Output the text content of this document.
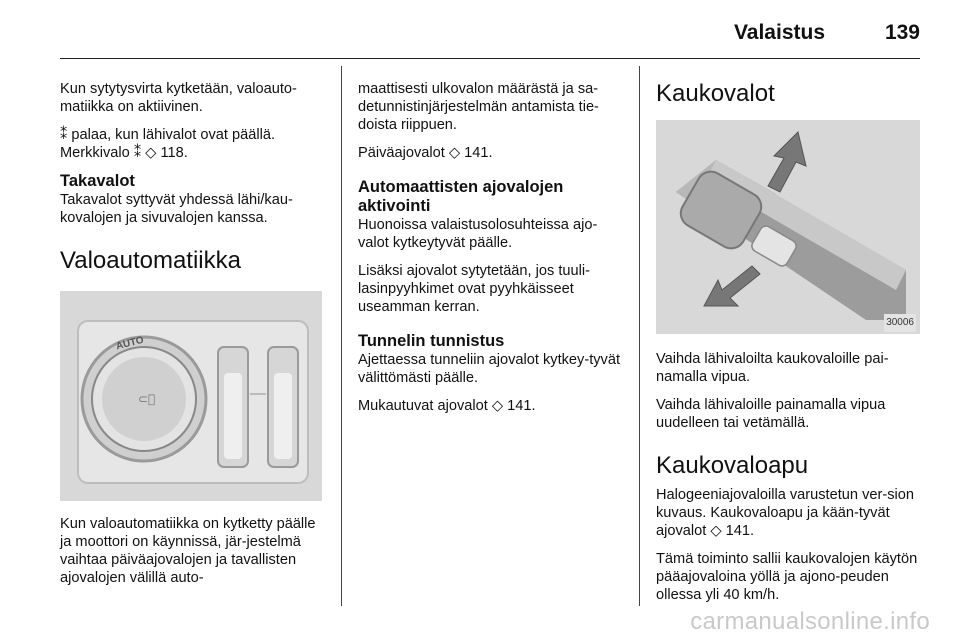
Valaistus	139

Kun sytytysvirta kytketään, valoauto-matiikka on aktiivinen.

⁑ palaa, kun lähivalot ovat päällä. Merkkivalo ⁑ ◇ 118.

Takavalot

Takavalot syttyvät yhdessä lähi/kau-kovalojen ja sivuvalojen kanssa.

Valoautomatiikka
⊂⃥
AUTO

Kun valoautomatiikka on kytketty päälle ja moottori on käynnissä, jär-jestelmä vaihtaa päiväajovalojen ja tavallisten ajovalojen välillä auto-

maattisesti ulkovalon määrästä ja sa-detunnistinjärjestelmän antamista tie-doista riippuen.

Päiväajovalot ◇ 141.

Automaattisten ajovalojen aktivointi

Huonoissa valaistusolosuhteissa ajo-valot kytkeytyvät päälle.

Lisäksi ajovalot sytytetään, jos tuuli-lasinpyyhkimet ovat pyyhkäisseet useamman kerran.

Tunnelin tunnistus

Ajettaessa tunneliin ajovalot kytkey-tyvät välittömästi päälle.

Mukautuvat ajovalot ◇ 141.

Kaukovalot
30006

Vaihda lähivaloilta kaukovaloille pai-namalla vipua.

Vaihda lähivaloille painamalla vipua uudelleen tai vetämällä.

Kaukovaloapu

Halogeeniajovaloilla varustetun ver-sion kuvaus. Kaukovaloapu ja kään-tyvät ajovalot ◇ 141.

Tämä toiminto sallii kaukovalojen käytön pääajovaloina yöllä ja ajono-peuden ollessa yli 40 km/h.

carmanualsonline.info
